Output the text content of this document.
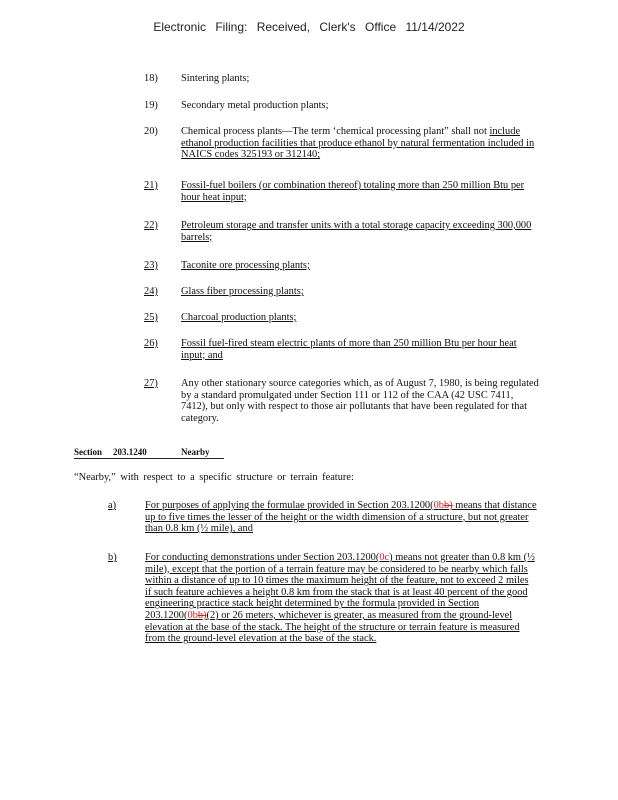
Electronic Filing: Received, Clerk's Office 11/14/2022
18)	Sintering plants;
19)	Secondary metal production plants;
20)	Chemical process plants—The term ‘chemical processing plant” shall not include ethanol production facilities that produce ethanol by natural fermentation included in NAICS codes 325193 or 312140;
21)	Fossil-fuel boilers (or combination thereof) totaling more than 250 million Btu per hour heat input;
22)	Petroleum storage and transfer units with a total storage capacity exceeding 300,000 barrels;
23)	Taconite ore processing plants;
24)	Glass fiber processing plants;
25)	Charcoal production plants;
26)	Fossil fuel-fired steam electric plants of more than 250 million Btu per hour heat input; and
27)	Any other stationary source categories which, as of August 7, 1980, is being regulated by a standard promulgated under Section 111 or 112 of the CAA (42 USC 7411, 7412), but only with respect to those air pollutants that have been regulated for that category.
Section 203.1240	Nearby
“Nearby,” with respect to a specific structure or terrain feature:
a)	For purposes of applying the formulae provided in Section 203.1200(0bb) means that distance up to five times the lesser of the height or the width dimension of a structure, but not greater than 0.8 km (½ mile), and
b)	For conducting demonstrations under Section 203.1200(0c) means not greater than 0.8 km (½ mile), except that the portion of a terrain feature may be considered to be nearby which falls within a distance of up to 10 times the maximum height of the feature, not to exceed 2 miles if such feature achieves a height 0.8 km from the stack that is at least 40 percent of the good engineering practice stack height determined by the formula provided in Section 203.1200(0bb)(2) or 26 meters, whichever is greater, as measured from the ground-level elevation at the base of the stack. The height of the structure or terrain feature is measured from the ground-level elevation at the base of the stack.
